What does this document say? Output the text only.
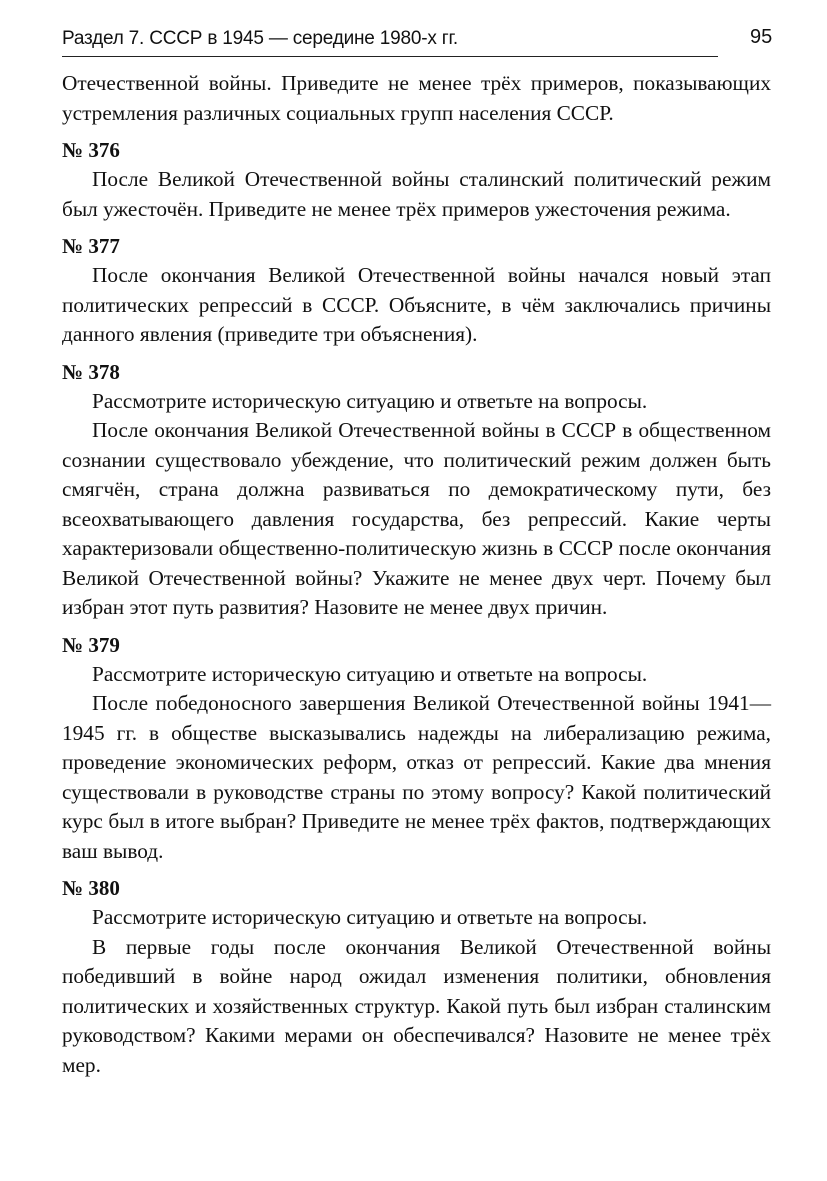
Раздел 7. СССР в 1945 — середине 1980-х гг.	95

Отечественной войны. Приведите не менее трёх примеров, показывающих устремления различных социальных групп населения СССР.

№ 376

После Великой Отечественной войны сталинский политический режим был ужесточён. Приведите не менее трёх примеров ужесточения режима.

№ 377

После окончания Великой Отечественной войны начался новый этап политических репрессий в СССР. Объясните, в чём заключались причины данного явления (приведите три объяснения).

№ 378

Рассмотрите историческую ситуацию и ответьте на вопросы.

После окончания Великой Отечественной войны в СССР в общественном сознании существовало убеждение, что политический режим должен быть смягчён, страна должна развиваться по демократическому пути, без всеохватывающего давления государства, без репрессий. Какие черты характеризовали общественно-политическую жизнь в СССР после окончания Великой Отечественной войны? Укажите не менее двух черт. Почему был избран этот путь развития? Назовите не менее двух причин.

№ 379

Рассмотрите историческую ситуацию и ответьте на вопросы.

После победоносного завершения Великой Отечественной войны 1941—1945 гг. в обществе высказывались надежды на либерализацию режима, проведение экономических реформ, отказ от репрессий. Какие два мнения существовали в руководстве страны по этому вопросу? Какой политический курс был в итоге выбран? Приведите не менее трёх фактов, подтверждающих ваш вывод.

№ 380

Рассмотрите историческую ситуацию и ответьте на вопросы.

В первые годы после окончания Великой Отечественной войны победивший в войне народ ожидал изменения политики, обновления политических и хозяйственных структур. Какой путь был избран сталинским руководством? Какими мерами он обеспечивался? Назовите не менее трёх мер.
